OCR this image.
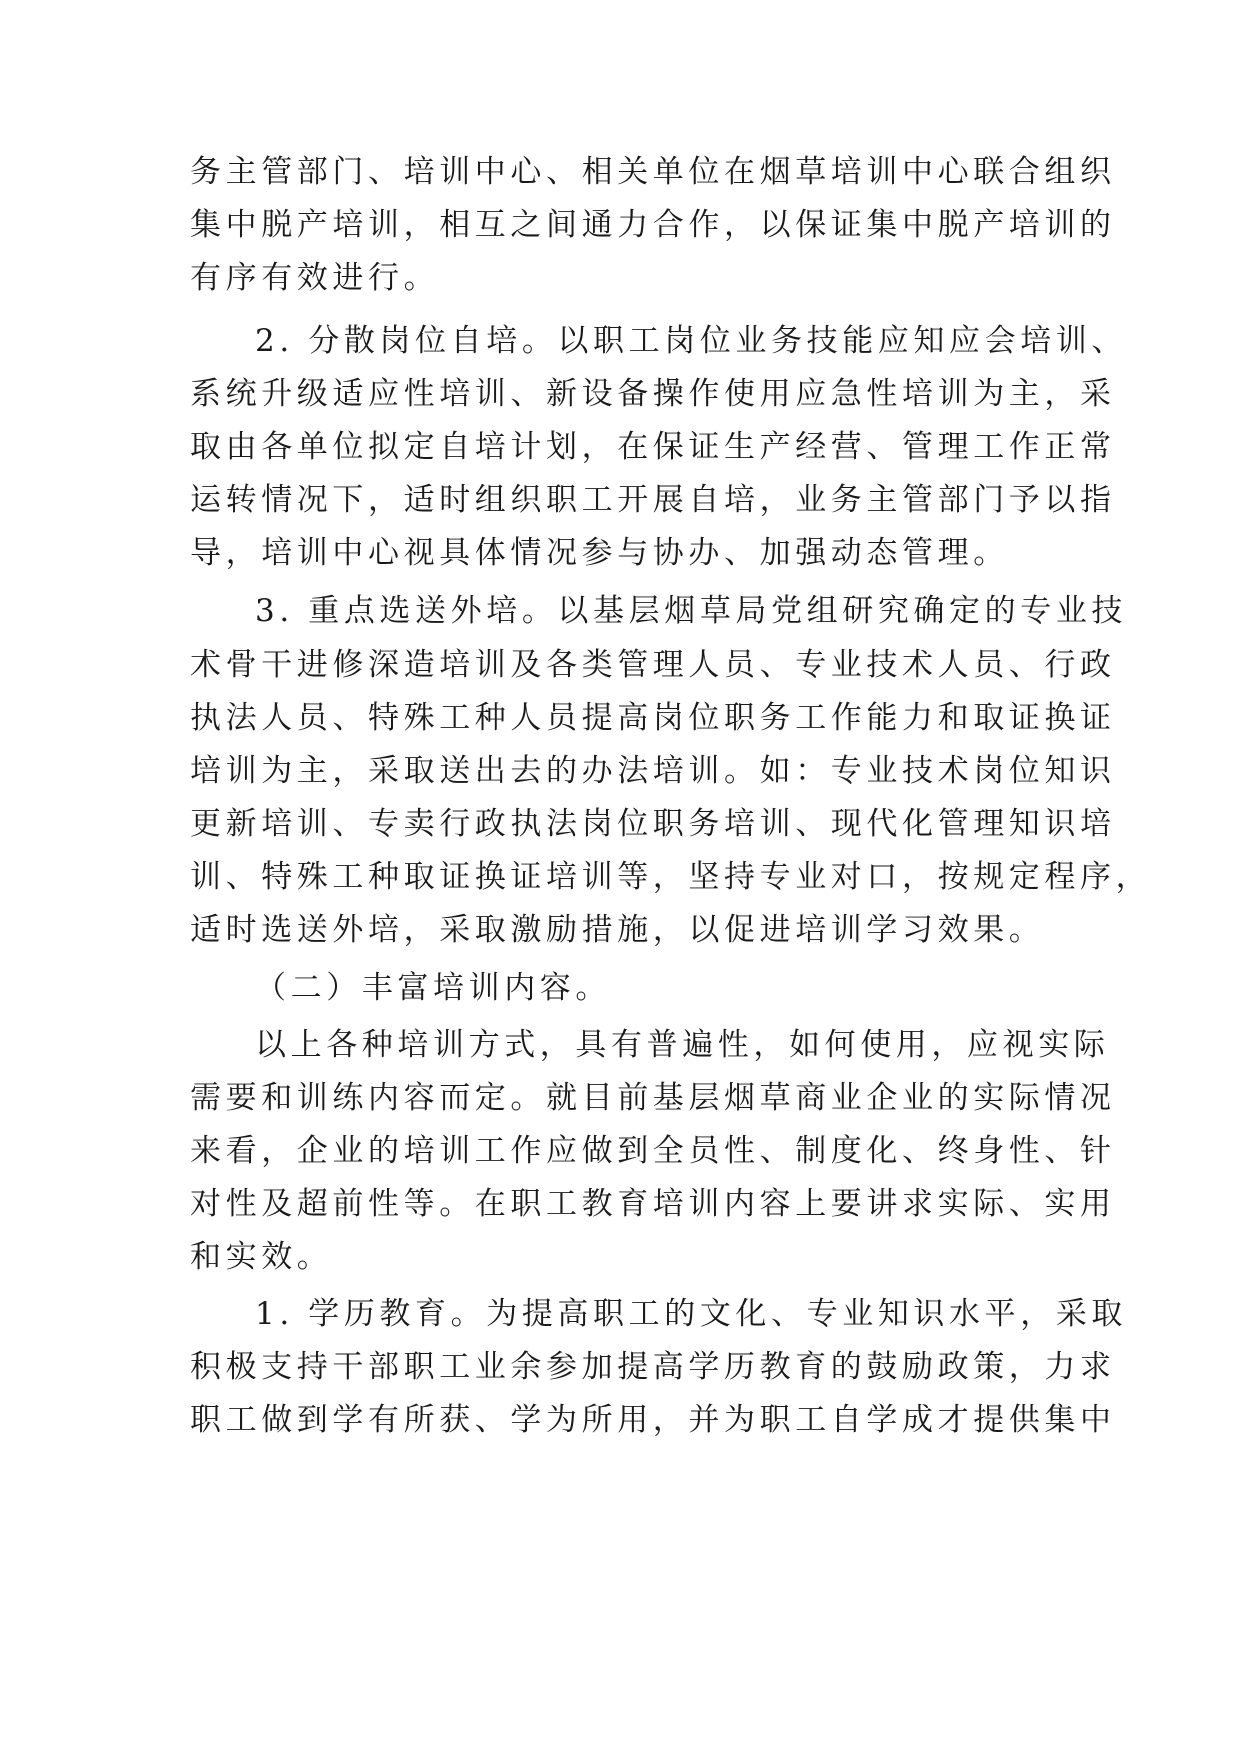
务主管部门、培训中心、相关单位在烟草培训中心联合组织
集中脱产培训，相互之间通力合作，以保证集中脱产培训的
有序有效进行。
2. 分散岗位自培。以职工岗位业务技能应知应会培训、
系统升级适应性培训、新设备操作使用应急性培训为主，采
取由各单位拟定自培计划，在保证生产经营、管理工作正常
运转情况下，适时组织职工开展自培，业务主管部门予以指
导，培训中心视具体情况参与协办、加强动态管理。
3. 重点选送外培。以基层烟草局党组研究确定的专业技
术骨干进修深造培训及各类管理人员、专业技术人员、行政
执法人员、特殊工种人员提高岗位职务工作能力和取证换证
培训为主，采取送出去的办法培训。如：专业技术岗位知识
更新培训、专卖行政执法岗位职务培训、现代化管理知识培
训、特殊工种取证换证培训等，坚持专业对口，按规定程序，
适时选送外培，采取激励措施，以促进培训学习效果。
（二）丰富培训内容。
以上各种培训方式，具有普遍性，如何使用，应视实际
需要和训练内容而定。就目前基层烟草商业企业的实际情况
来看，企业的培训工作应做到全员性、制度化、终身性、针
对性及超前性等。在职工教育培训内容上要讲求实际、实用
和实效。
1. 学历教育。为提高职工的文化、专业知识水平，采取
积极支持干部职工业余参加提高学历教育的鼓励政策，力求
职工做到学有所获、学为所用，并为职工自学成才提供集中
